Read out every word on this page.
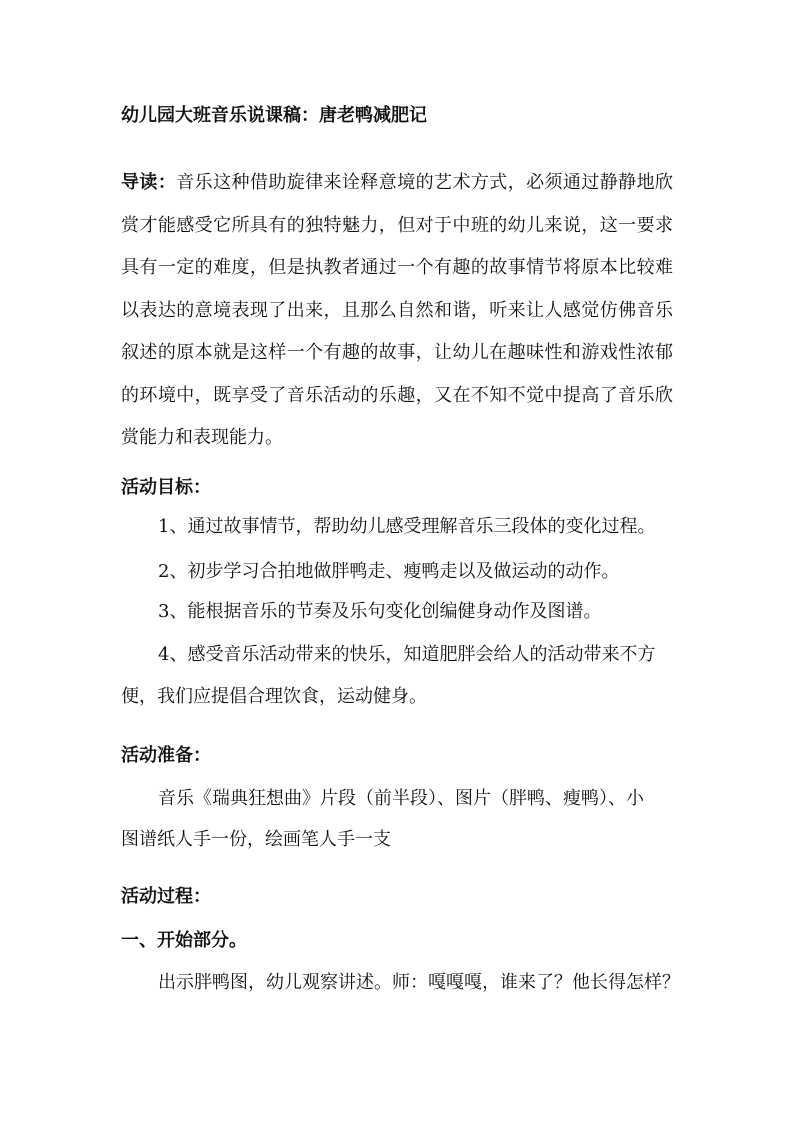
幼儿园大班音乐说课稿：唐老鸭减肥记
导读：音乐这种借助旋律来诠释意境的艺术方式，必须通过静静地欣赏才能感受它所具有的独特魅力，但对于中班的幼儿来说，这一要求具有一定的难度，但是执教者通过一个有趣的故事情节将原本比较难以表达的意境表现了出来，且那么自然和谐，听来让人感觉仿佛音乐叙述的原本就是这样一个有趣的故事，让幼儿在趣味性和游戏性浓郁的环境中，既享受了音乐活动的乐趣，又在不知不觉中提高了音乐欣赏能力和表现能力。
活动目标：
1、通过故事情节，帮助幼儿感受理解音乐三段体的变化过程。
2、初步学习合拍地做胖鸭走、瘦鸭走以及做运动的动作。
3、能根据音乐的节奏及乐句变化创编健身动作及图谱。
4、感受音乐活动带来的快乐，知道肥胖会给人的活动带来不方
便，我们应提倡合理饮食，运动健身。
活动准备：
音乐《瑞典狂想曲》片段（前半段）、图片（胖鸭、瘦鸭）、小
图谱纸人手一份，绘画笔人手一支
活动过程：
一、开始部分。
出示胖鸭图，幼儿观察讲述。师：嘎嘎嘎，谁来了？他长得怎样？
